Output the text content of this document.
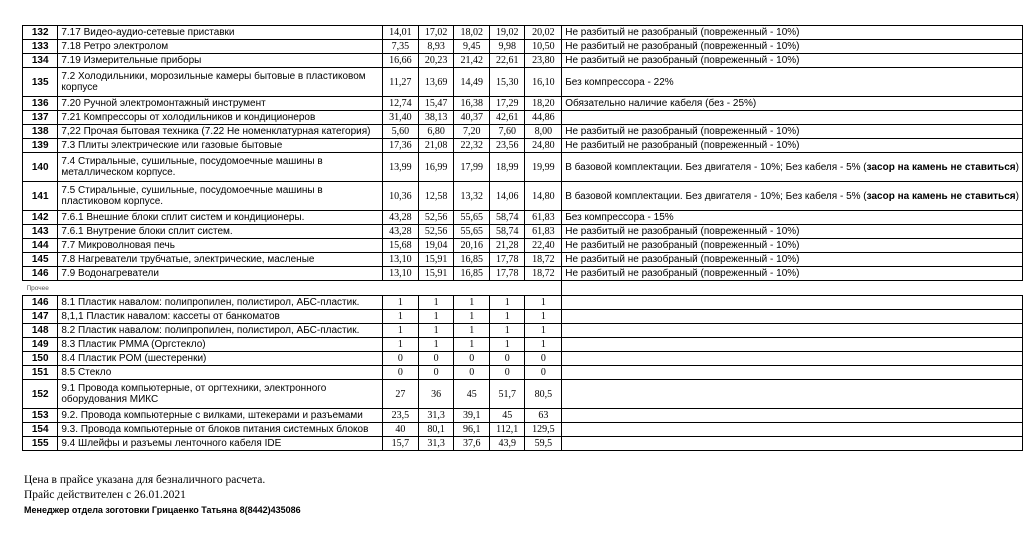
132	7.17 Видео-аудио-сетевые приставки	14,01	17,02	18,02	19,02	20,02	Не разбитый не разобраный (повреженный - 10%)
133	7.18 Ретро электролом	7,35	8,93	9,45	9,98	10,50	Не разбитый не разобраный (повреженный - 10%)
134	7.19 Измерительные приборы	16,66	20,23	21,42	22,61	23,80	Не разбитый не разобраный (повреженный - 10%)
135	7.2 Холодильники, морозильные камеры бытовые в пластиковом корпусе	11,27	13,69	14,49	15,30	16,10	Без компрессора - 22%
136	7.20 Ручной электромонтажный инструмент	12,74	15,47	16,38	17,29	18,20	Обязательно наличие кабеля (без - 25%)
137	7.21 Компрессоры от холодильников и кондиционеров	31,40	38,13	40,37	42,61	44,86	
138	7,22 Прочая бытовая техника (7.22 Не номенклатурная категория)	5,60	6,80	7,20	7,60	8,00	Не разбитый не разобраный (повреженный - 10%)
139	7.3 Плиты электрические или газовые бытовые	17,36	21,08	22,32	23,56	24,80	Не разбитый не разобраный (повреженный - 10%)
140	7.4 Стиральные, сушильные, посудомоечные машины в металлическом корпусе.	13,99	16,99	17,99	18,99	19,99	В базовой комплектации. Без двигателя - 10%; Без кабеля - 5% (засор на камень не ставиться)
141	7.5 Стиральные, сушильные, посудомоечные машины в пластиковом корпусе.	10,36	12,58	13,32	14,06	14,80	В базовой комплектации. Без двигателя - 10%; Без кабеля - 5% (засор на камень не ставиться)
142	7.6.1 Внешние блоки сплит систем и кондиционеры.	43,28	52,56	55,65	58,74	61,83	Без компрессора - 15%
143	7.6.1 Внутрение блоки сплит систем.	43,28	52,56	55,65	58,74	61,83	Не разбитый не разобраный (повреженный - 10%)
144	7.7 Микроволновая печь	15,68	19,04	20,16	21,28	22,40	Не разбитый не разобраный (повреженный - 10%)
145	7.8 Нагреватели трубчатые, электрические, масленые	13,10	15,91	16,85	17,78	18,72	Не разбитый не разобраный (повреженный - 10%)
146	7.9 Водонагреватели	13,10	15,91	16,85	17,78	18,72	Не разбитый не разобраный (повреженный - 10%)
Прочее							
146	8.1 Пластик навалом: полипропилен, полистирол, АБС-пластик.	1	1	1	1	1	
147	8,1,1 Пластик навалом: кассеты от банкоматов	1	1	1	1	1	
148	8.2 Пластик навалом: полипропилен, полистирол, АБС-пластик.	1	1	1	1	1	
149	8.3 Пластик PMMA (Оргстекло)	1	1	1	1	1	
150	8.4 Пластик POM (шестеренки)	0	0	0	0	0	
151	8.5 Стекло	0	0	0	0	0	
152	9.1 Провода компьютерные, от оргтехники, электронного оборудования МИКС	27	36	45	51,7	80,5	
153	9.2. Провода компьютерные с вилками, штекерами и разъемами	23,5	31,3	39,1	45	63	
154	9.3. Провода компьютерные от блоков питания системных блоков	40	80,1	96,1	112,1	129,5	
155	9.4 Шлейфы и разъемы ленточного кабеля IDE	15,7	31,3	37,6	43,9	59,5	
Цена в прайсе указана для безналичного расчета.
Прайс действителен с 26.01.2021
Менеджер отдела зоготовки Грицаенко Татьяна 8(8442)435086
